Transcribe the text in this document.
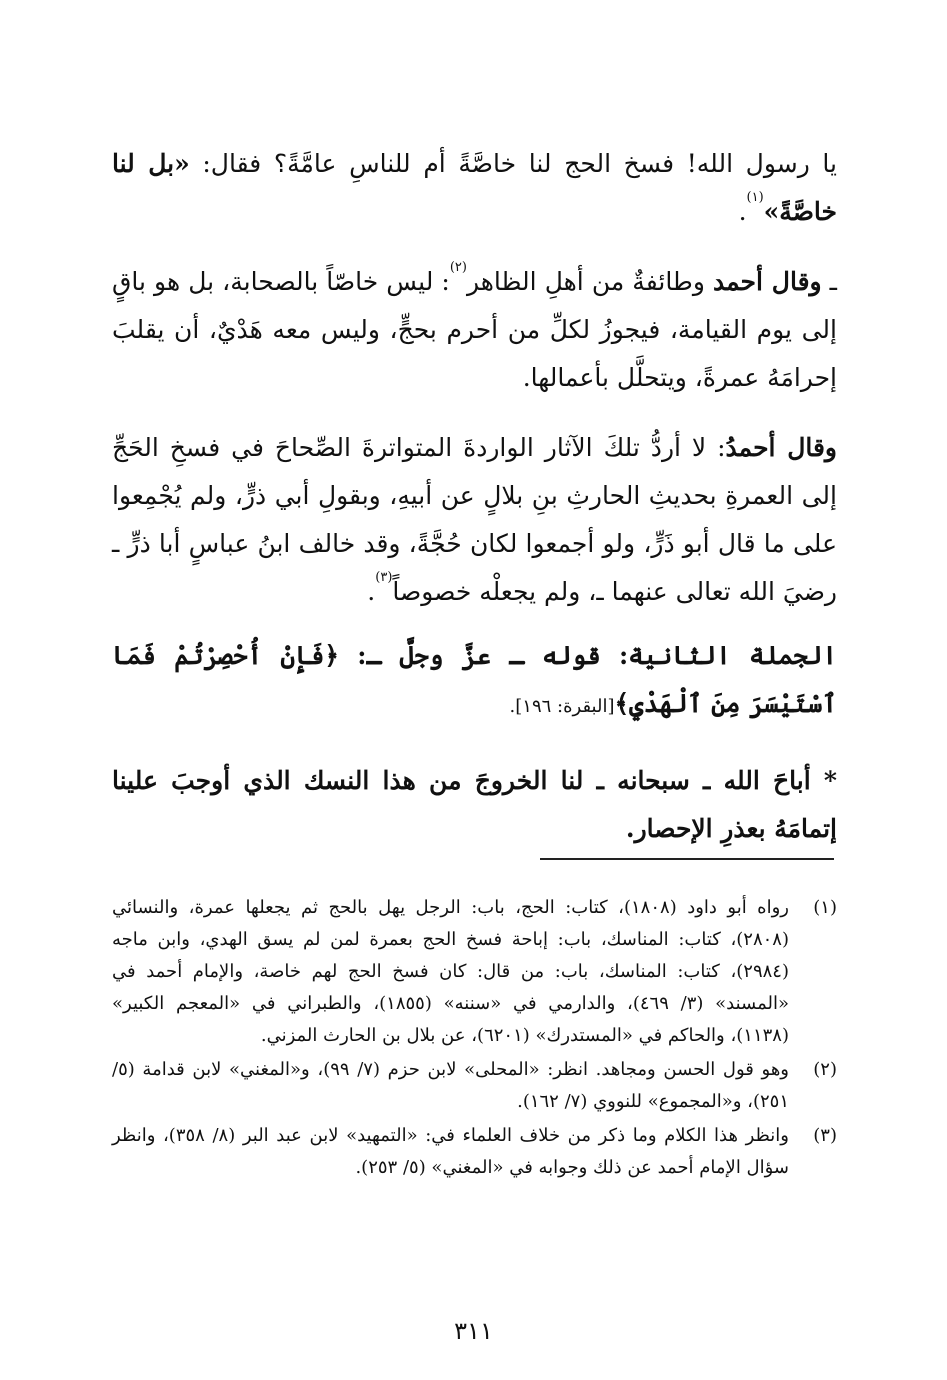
يا رسول الله! فسخ الحج لنا خاصَّةً أم للناسِ عامَّةً؟ فقال: «بل لنا خاصَّةً»$^{(١)}$.
ـ وقال أحمد وطائفةٌ من أهلِ الظاهر$^{(٢)}$: ليس خاصّاً بالصحابة، بل هو باقٍ إلى يوم القيامة، فيجوزُ لكلِّ من أحرم بحجٍّ، وليس معه هَدْيٌ، أن يقلبَ إحرامَهُ عمرةً، ويتحلَّل بأعمالها.
وقال أحمدُ: لا أردُّ تلكَ الآثار الواردةَ المتواترةَ الصِّحاحَ في فسخِ الحَجِّ إلى العمرةِ بحديثِ الحارثِ بنِ بلالٍ عن أبيهِ، وبقولِ أبي ذرٍّ، ولم يُجْمِعوا على ما قال أبو ذَرٍّ، ولو أجمعوا لكان حُجَّةً، وقد خالف ابنُ عباسٍ أبا ذرٍّ ـ رضيَ الله تعالى عنهما ـ، ولم يجعلْه خصوصاً$^{(٣)}$.
الجملة الثانية: قوله ـ عزَّ وجلَّ ـ: ﴿فَإِنْ أُحْصِرْتُمْ فَمَا ٱسْتَيْسَرَ مِنَ ٱلْهَدْيِ﴾[البقرة: ١٩٦].
* أباحَ الله ـ سبحانه ـ لنا الخروجَ من هذا النسك الذي أوجبَ علينا إتمامَهُ بعذرِ الإحصار.
(١)
رواه أبو داود (١٨٠٨)، كتاب: الحج، باب: الرجل يهل بالحج ثم يجعلها عمرة، والنسائي (٢٨٠٨)، كتاب: المناسك، باب: إباحة فسخ الحج بعمرة لمن لم يسق الهدي، وابن ماجه (٢٩٨٤)، كتاب: المناسك، باب: من قال: كان فسخ الحج لهم خاصة، والإمام أحمد في «المسند» (٣/ ٤٦٩)، والدارمي في «سننه» (١٨٥٥)، والطبراني في «المعجم الكبير» (١١٣٨)، والحاكم في «المستدرك» (٦٢٠١)، عن بلال بن الحارث المزني.
(٢)
وهو قول الحسن ومجاهد. انظر: «المحلى» لابن حزم (٧/ ٩٩)، و«المغني» لابن قدامة (٥/ ٢٥١)، و«المجموع» للنووي (٧/ ١٦٢).
(٣)
وانظر هذا الكلام وما ذكر من خلاف العلماء في: «التمهيد» لابن عبد البر (٨/ ٣٥٨)، وانظر سؤال الإمام أحمد عن ذلك وجوابه في «المغني» (٥/ ٢٥٣).
٣١١
